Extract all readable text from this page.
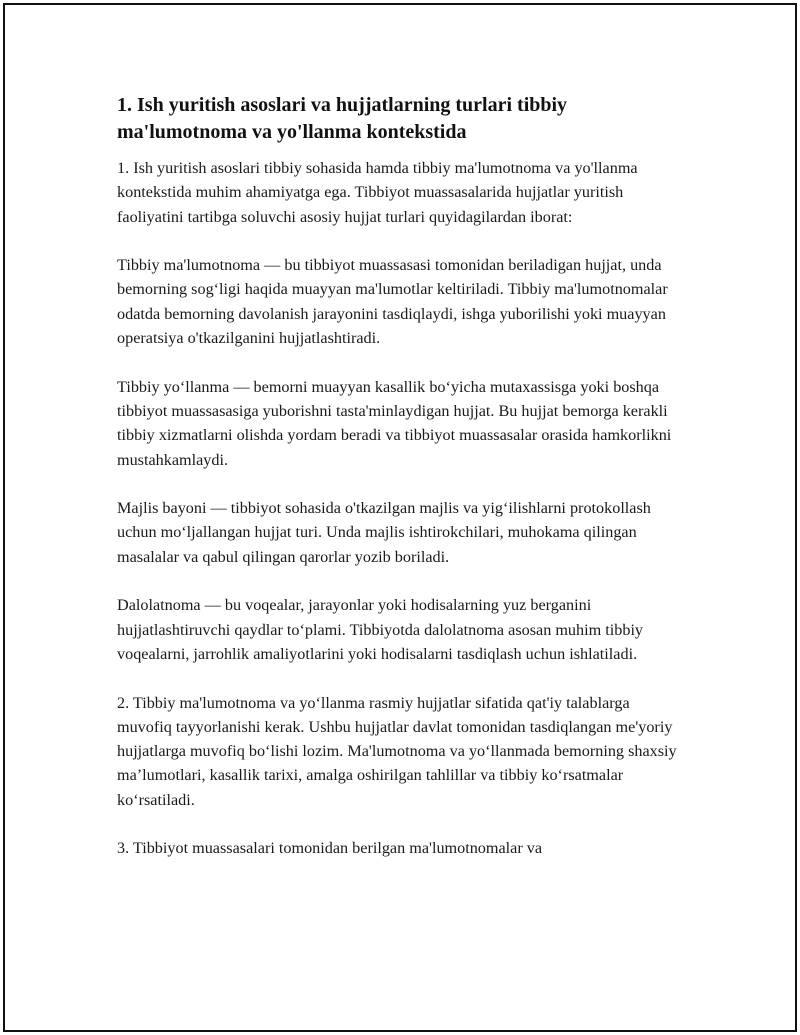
1. Ish yuritish asoslari va hujjatlarning turlari tibbiy ma'lumotnoma va yo'llanma kontekstida

1. Ish yuritish asoslari tibbiy sohasida hamda tibbiy ma'lumotnoma va yo'llanma kontekstida muhim ahamiyatga ega. Tibbiyot muassasalarida hujjatlar yuritish faoliyatini tartibga soluvchi asosiy hujjat turlari quyidagilardan iborat:

Tibbiy ma'lumotnoma — bu tibbiyot muassasasi tomonidan beriladigan hujjat, unda bemorning sog‘ligi haqida muayyan ma'lumotlar keltiriladi. Tibbiy ma'lumotnomalar odatda bemorning davolanish jarayonini tasdiqlaydi, ishga yuborilishi yoki muayyan operatsiya o'tkazilganini hujjatlashtiradi.

Tibbiy yo‘llanma — bemorni muayyan kasallik bo‘yicha mutaxassisga yoki boshqa tibbiyot muassasasiga yuborishni tasta'minlaydigan hujjat. Bu hujjat bemorga kerakli tibbiy xizmatlarni olishda yordam beradi va tibbiyot muassasalar orasida hamkorlikni mustahkamlaydi.

Majlis bayoni — tibbiyot sohasida o'tkazilgan majlis va yig‘ilishlarni protokollash uchun mo‘ljallangan hujjat turi. Unda majlis ishtirokchilari, muhokama qilingan masalalar va qabul qilingan qarorlar yozib boriladi.

Dalolatnoma — bu voqealar, jarayonlar yoki hodisalarning yuz berganini hujjatlashtiruvchi qaydlar to‘plami. Tibbiyotda dalolatnoma asosan muhim tibbiy voqealarni, jarrohlik amaliyotlarini yoki hodisalarni tasdiqlash uchun ishlatiladi.

2. Tibbiy ma'lumotnoma va yo‘llanma rasmiy hujjatlar sifatida qat'iy talablarga muvofiq tayyorlanishi kerak. Ushbu hujjatlar davlat tomonidan tasdiqlangan me'yoriy hujjatlarga muvofiq bo‘lishi lozim. Ma'lumotnoma va yo‘llanmada bemorning shaxsiy ma’lumotlari, kasallik tarixi, amalga oshirilgan tahlillar va tibbiy ko‘rsatmalar ko‘rsatiladi.

3. Tibbiyot muassasalari tomonidan berilgan ma'lumotnomalar va
